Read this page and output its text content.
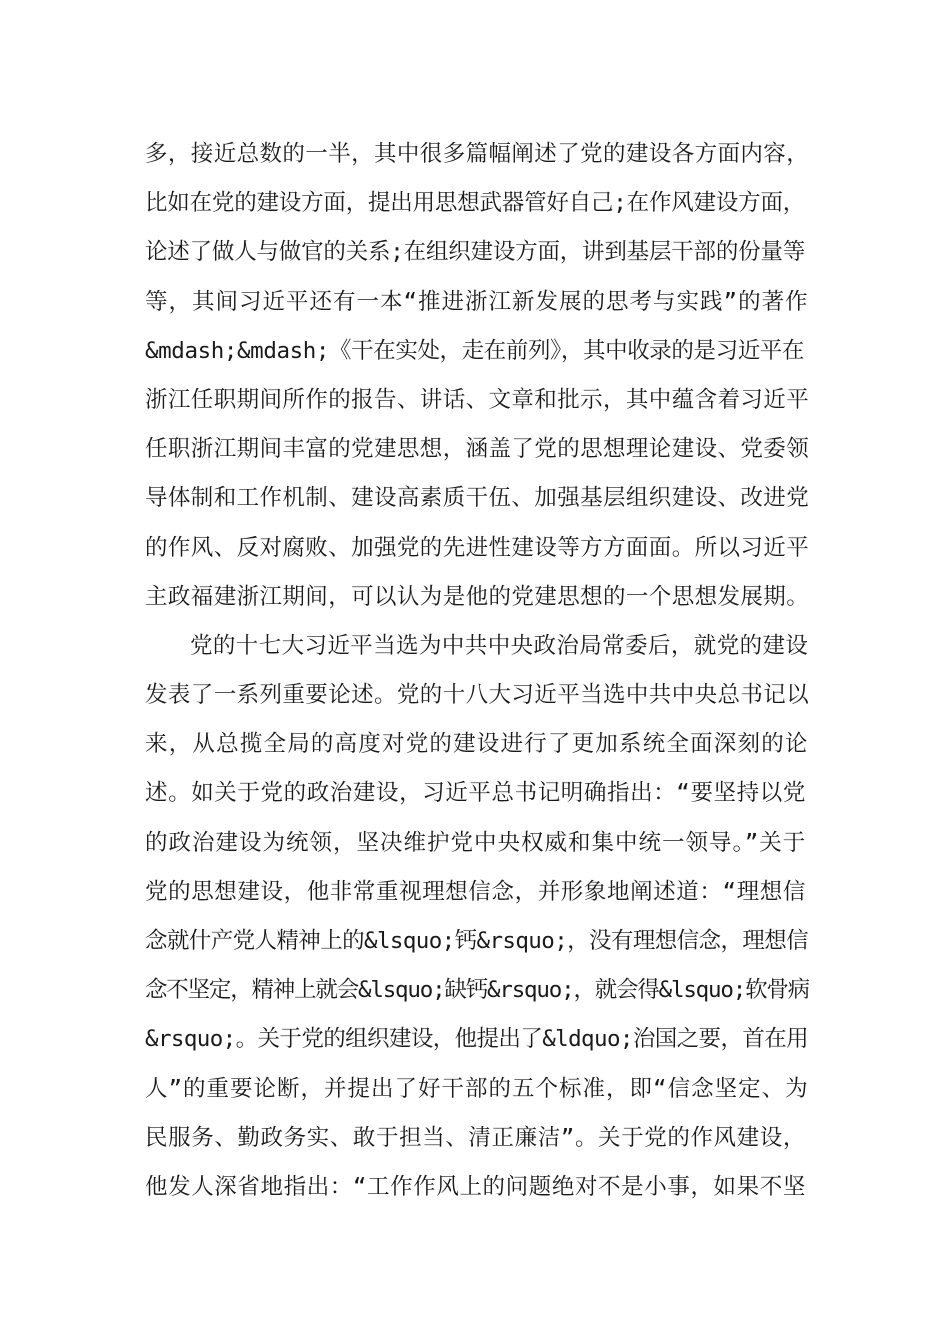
多，接近总数的一半，其中很多篇幅阐述了党的建设各方面内容，
比如在党的建设方面，提出用思想武器管好自己;在作风建设方面，
论述了做人与做官的关系;在组织建设方面，讲到基层干部的份量等
等，其间习近平还有一本“推进浙江新发展的思考与实践”的著作
&mdash;&mdash;《干在实处，走在前列》，其中收录的是习近平在
浙江任职期间所作的报告、讲话、文章和批示，其中蕴含着习近平
任职浙江期间丰富的党建思想，涵盖了党的思想理论建设、党委领
导体制和工作机制、建设高素质干伍、加强基层组织建设、改进党
的作风、反对腐败、加强党的先进性建设等方方面面。所以习近平
主政福建浙江期间，可以认为是他的党建思想的一个思想发展期。
党的十七大习近平当选为中共中央政治局常委后，就党的建设
发表了一系列重要论述。党的十八大习近平当选中共中央总书记以
来，从总揽全局的高度对党的建设进行了更加系统全面深刻的论
述。如关于党的政治建设，习近平总书记明确指出：“要坚持以党
的政治建设为统领，坚决维护党中央权威和集中统一领导。”关于
党的思想建设，他非常重视理想信念，并形象地阐述道：“理想信
念就什产党人精神上的&lsquo;钙&rsquo;，没有理想信念，理想信
念不坚定，精神上就会&lsquo;缺钙&rsquo;，就会得&lsquo;软骨病
&rsquo;。关于党的组织建设，他提出了&ldquo;治国之要，首在用
人”的重要论断，并提出了好干部的五个标准，即“信念坚定、为
民服务、勤政务实、敢于担当、清正廉洁”。关于党的作风建设，
他发人深省地指出：“工作作风上的问题绝对不是小事，如果不坚
